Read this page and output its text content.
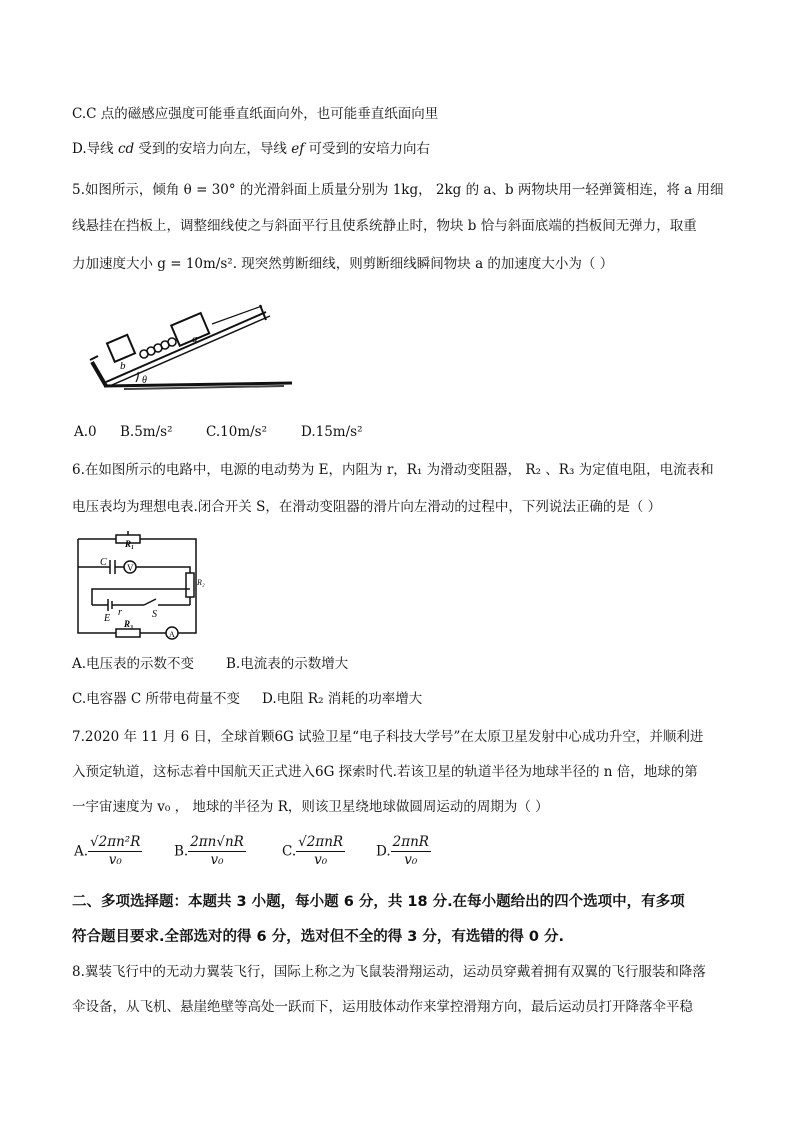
C.C 点的磁感应强度可能垂直纸面向外，也可能垂直纸面向里
D.导线 cd 受到的安培力向左，导线 ef 可受到的安培力向右
5.如图所示，倾角 θ = 30° 的光滑斜面上质量分别为 1kg， 2kg 的 a、b 两物块用一轻弹簧相连，将 a 用细
线悬挂在挡板上，调整细线使之与斜面平行且使系统静止时，物块 b 恰与斜面底端的挡板间无弹力，取重
力加速度大小 g = 10m/s². 现突然剪断细线，则剪断细线瞬间物块 a 的加速度大小为（ ）
b
a
θ
A.0 B.5m/s² C.10m/s²	D.15m/s²
6.在如图所示的电路中，电源的电动势为 E，内阻为 r，R₁ 为滑动变阻器， R₂ 、R₃ 为定值电阻，电流表和
电压表均为理想电表.闭合开关 S，在滑动变阻器的滑片向左滑动的过程中，下列说法正确的是（ ）
R₁
C V
R₂
E
r	S
R₃
A
A.电压表的示数不变 B.电流表的示数增大
C.电容器 C 所带电荷量不变 D.电阻 R₂ 消耗的功率增大
7.2020 年 11 月 6 日，全球首颗6G 试验卫星“电子科技大学号”在太原卫星发射中心成功升空，并顺利进
入预定轨道，这标志着中国航天正式进入6G 探索时代.若该卫星的轨道半径为地球半径的 n 倍，地球的第
一宇宙速度为 v₀ ， 地球的半径为 R，则该卫星绕地球做圆周运动的周期为（ ）
A. $\frac{\text{√2πn²R}}{\text{v₀}} B$. $\frac{2\pi n√nR}{\text{v₀}}$	C. $\frac{\text{√2πnR}}{\text{v₀}} D$. $\frac{\text{2πnR}}{\text{v₀}}$
二、多项选择题：本题共 3 小题，每小题 6 分，共 18 分.在每小题给出的四个选项中，有多项
符合题目要求.全部选对的得 6 分，选对但不全的得 3 分，有选错的得 0 分.
8.翼装飞行中的无动力翼装飞行，国际上称之为飞鼠装滑翔运动，运动员穿戴着拥有双翼的飞行服装和降落
伞设备，从飞机、悬崖绝壁等高处一跃而下，运用肢体动作来掌控滑翔方向，最后运动员打开降落伞平稳
